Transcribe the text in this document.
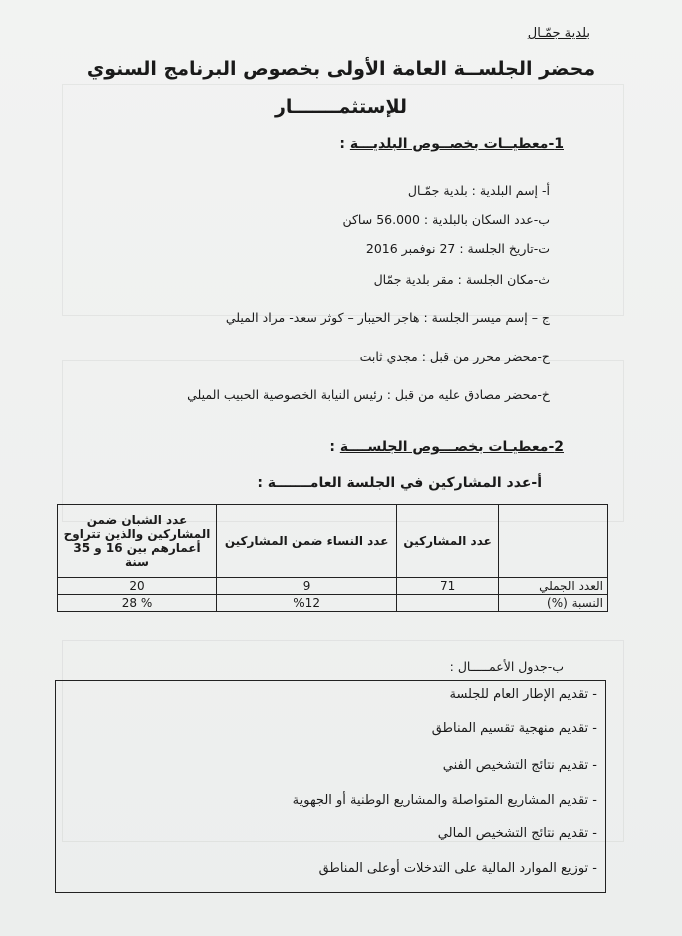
بلدية جمّـال
محضر الجلســة العامة الأولى بخصوص البرنامج السنوي
للإستثمـــــــار
1-معطيــات بخصــوص البلديـــة :
أ- إسم البلدية : بلدية جمّـال
ب-عدد السكان بالبلدية : 56.000 ساكن
ت-تاريخ الجلسة : 27 نوفمبر 2016
ث-مكان الجلسة : مقر بلدية جمّال
ج – إسم ميسر الجلسة : هاجر الحيبار – كوثر سعد- مراد الميلي
ح-محضر محرر من قبل : مجدي ثابت
خ-محضر مصادق عليه من قبل : رئيس النيابة الخصوصية الحبيب الميلي
2-معطيـات بخصـــوص الجلســــة :
أ-عدد المشاركين في الجلسة العامـــــــة :
	عدد المشاركين	عدد النساء ضمن المشاركين	عدد الشبان ضمن المشاركين والذين تتراوح أعمارهم بين 16 و 35 سنة
العدد الجملي	71	9	20
النسبة (%)		%12	% 28
ب-جدول الأعمـــــال :
- تقديم الإطار العام للجلسة
- تقديم منهجية تقسيم المناطق
- تقديم نتائج التشخيص الفني
- تقديم المشاريع المتواصلة والمشاريع الوطنية أو الجهوية
- تقديم نتائج التشخيص المالي
- توزيع الموارد المالية على التدخلات أوعلى المناطق
